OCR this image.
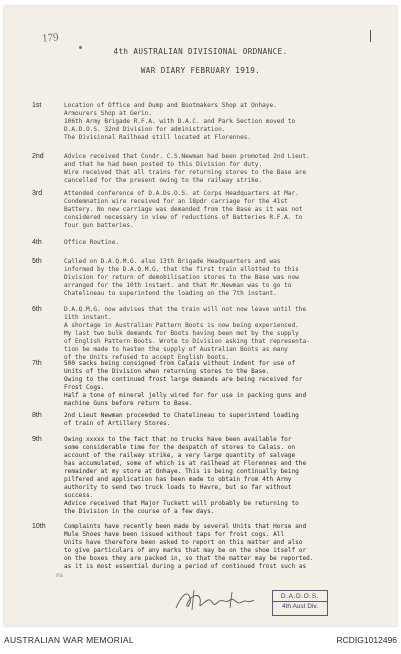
179
4th AUSTRALIAN DIVISIONAL ORDNANCE.
WAR DIARY FEBRUARY 1919.
1st	Location of Office and Dump and Bootmakers Shop at Onhaye.
Armourers Shop at Gerin.
106th Army Brigade R.F.A. with D.A.C. and Park Section moved to
D.A.D.O.S. 32nd Division for administration.
The Divisional Railhead still located at Florennes.
2nd	Advice received that Condr. C.S.Newman had been promoted 2nd Lieut.
and that he had been posted to this Division for duty.
Wire received that all trains for returning stores to the Base are
cancelled for the present owing to the railway strike.
3rd	Attended conference of D.A.Ds.O.S. at Corps Headquarters at Mar.
Condemnation wire received for an 18pdr carriage for the 41st
Battery. No new carriage was demanded from the Base as it was not
considered necessary in view of reductions of Batteries R.F.A. to
four gun batteries.
4th	Office Routine.
5th	Called on D.A.Q.M.G. also 13th Brigade Headquarters and was
informed by the D.A.Q.M.G. that the first train allotted to this
Division for return of demobilisation stores to the Base was now
arranged for the 10th instant. and that Mr.Newman was to go to
Chatelineau to superintend the loading on the 7th instant.
6th	D.A.Q.M.G. now advises that the train will not now leave until the
11th instant.
A shortage in Australian Pattern Boots is now being experienced.
My last two bulk demands for Boots having been met by the supply
of English Pattern Boots. Wrote to Division asking that representa-
tion be made to hasten the supply of Australian Boots as many
of the Units refused to accept English boots.
7th	500 sacks being consigned from Calais without indent for use of
Units of the Division when returning stores to the Base.
Owing to the continued frost large demands are being received for
Frost Cogs.
Half a tone of mineral jelly wired for for use in packing guns and
machine Guns before return to Base.
8th	2nd Lieut Newman proceeded to Chatelineau to superintend loading
of train of Artillery Stores.
9th	Owing xxxxx to the fact that no trucks have been available for
some considerable time for the despatch of stores to Calais. on
account of the railway strike, a very large quantity of salvage
has accumulated, some of which is at railhead at Florennes and the
remainder at my store at Onhaye. This is being continually being
pilfered and application has been made to obtain from 4th Army
authority to send two truck loads to Havre, but so far without
success.
Advice received that Major Tuckett will probably be returning to
the Division in the course of a few days.
10th	Complaints have recently been made by several Units that Horse and
Mule Shoes have been issued without taps for frost cogs. All
Units have therefore been asked to report on this matter and also
to give particulars of any marks that may be on the shoe itself or
on the boxes they are packed in, so that the matter may be reported.
as it is most essential during a period of continued frost such as
ns
D.A.D.O.S.
4th Aust Div.
AUSTRALIAN WAR MEMORIAL	RCDIG1012496
